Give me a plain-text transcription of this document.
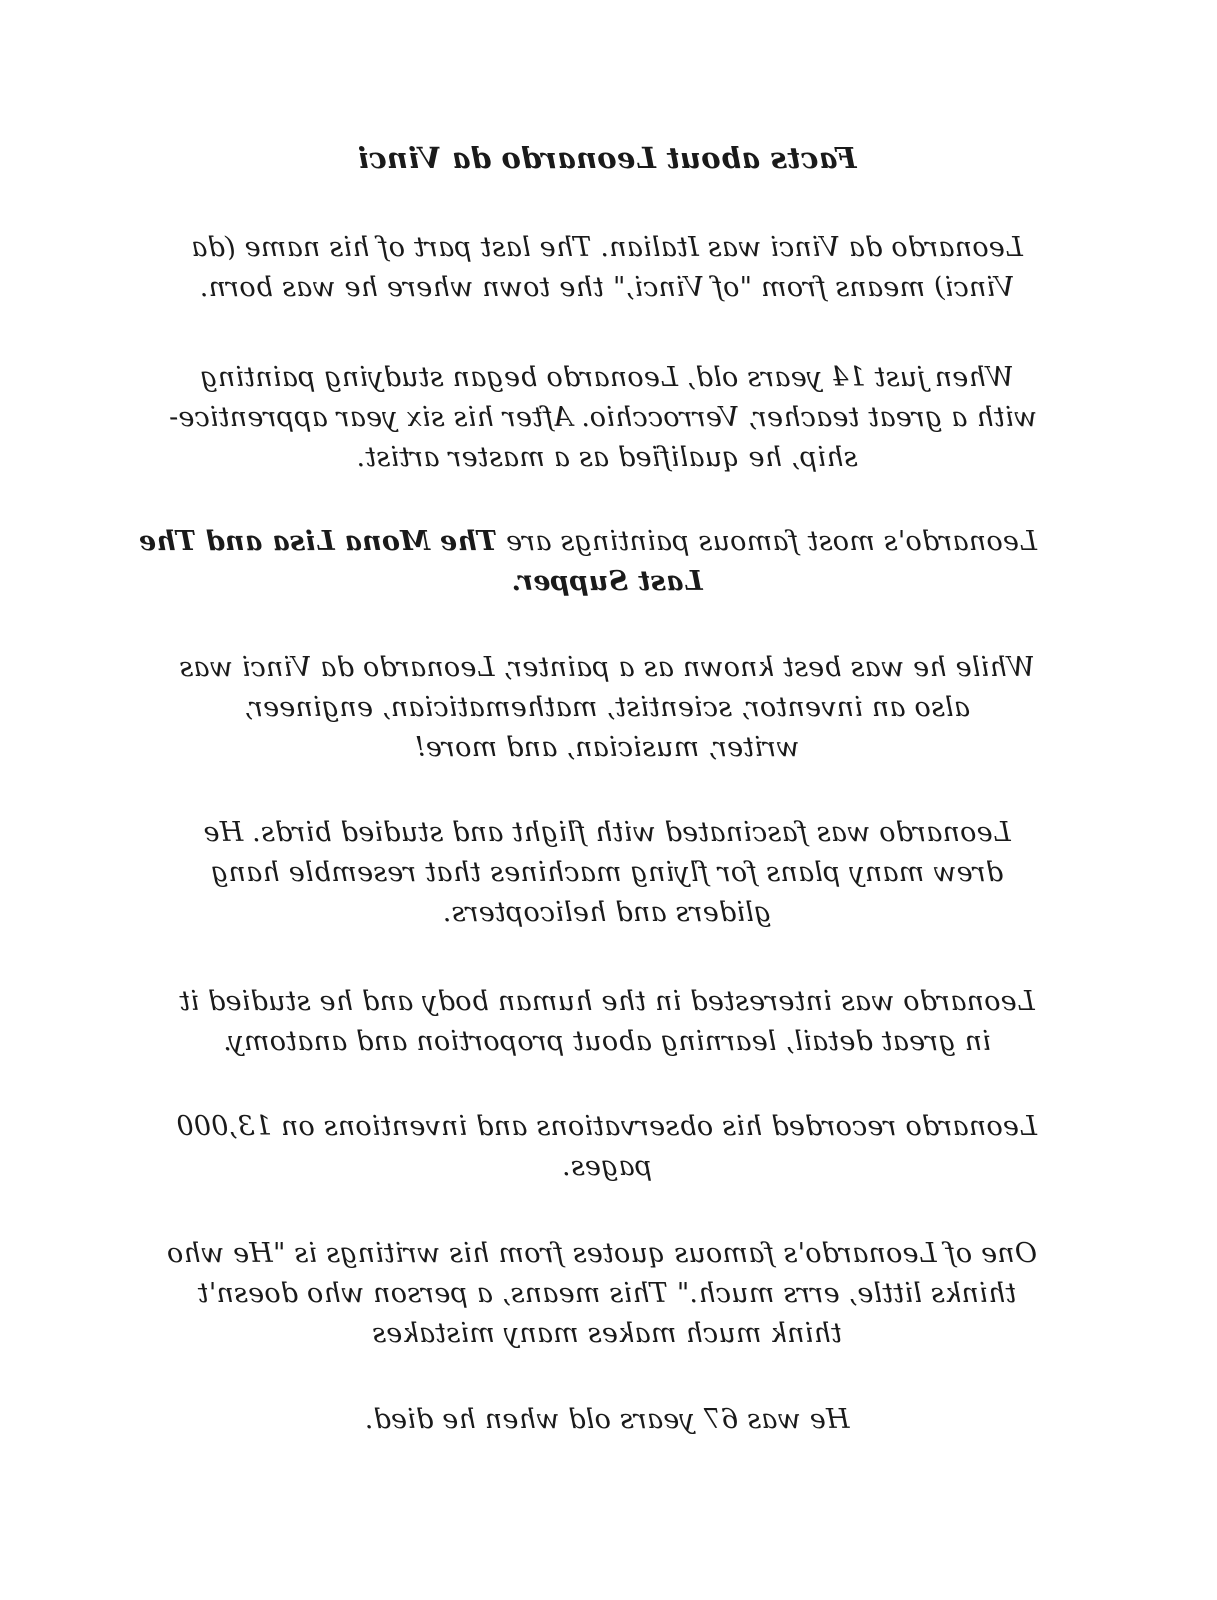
Facts about Leonardo da Vinci

Leonardo da Vinci was Italian. The last part of his name (da
Vinci) means from "of Vinci," the town where he was born.

When just 14 years old, Leonardo began studying painting
with a great teacher, Verrocchio. After his six year apprentice-
ship, he qualified as a master artist.

Leonardo's most famous paintings are The Mona Lisa and The
Last Supper.

While he was best known as a painter, Leonardo da Vinci was
also an inventor, scientist, mathematician, engineer,
writer, musician, and more!

Leonardo was fascinated with flight and studied birds. He
drew many plans for flying machines that resemble hang
gliders and helicopters.

Leonardo was interested in the human body and he studied it
in great detail, learning about proportion and anatomy.

Leonardo recorded his observations and inventions on 13,000
pages.

One of Leonardo's famous quotes from his writings is "He who
thinks little, errs much." This means, a person who doesn't
think much makes many mistakes

He was 67 years old when he died.
